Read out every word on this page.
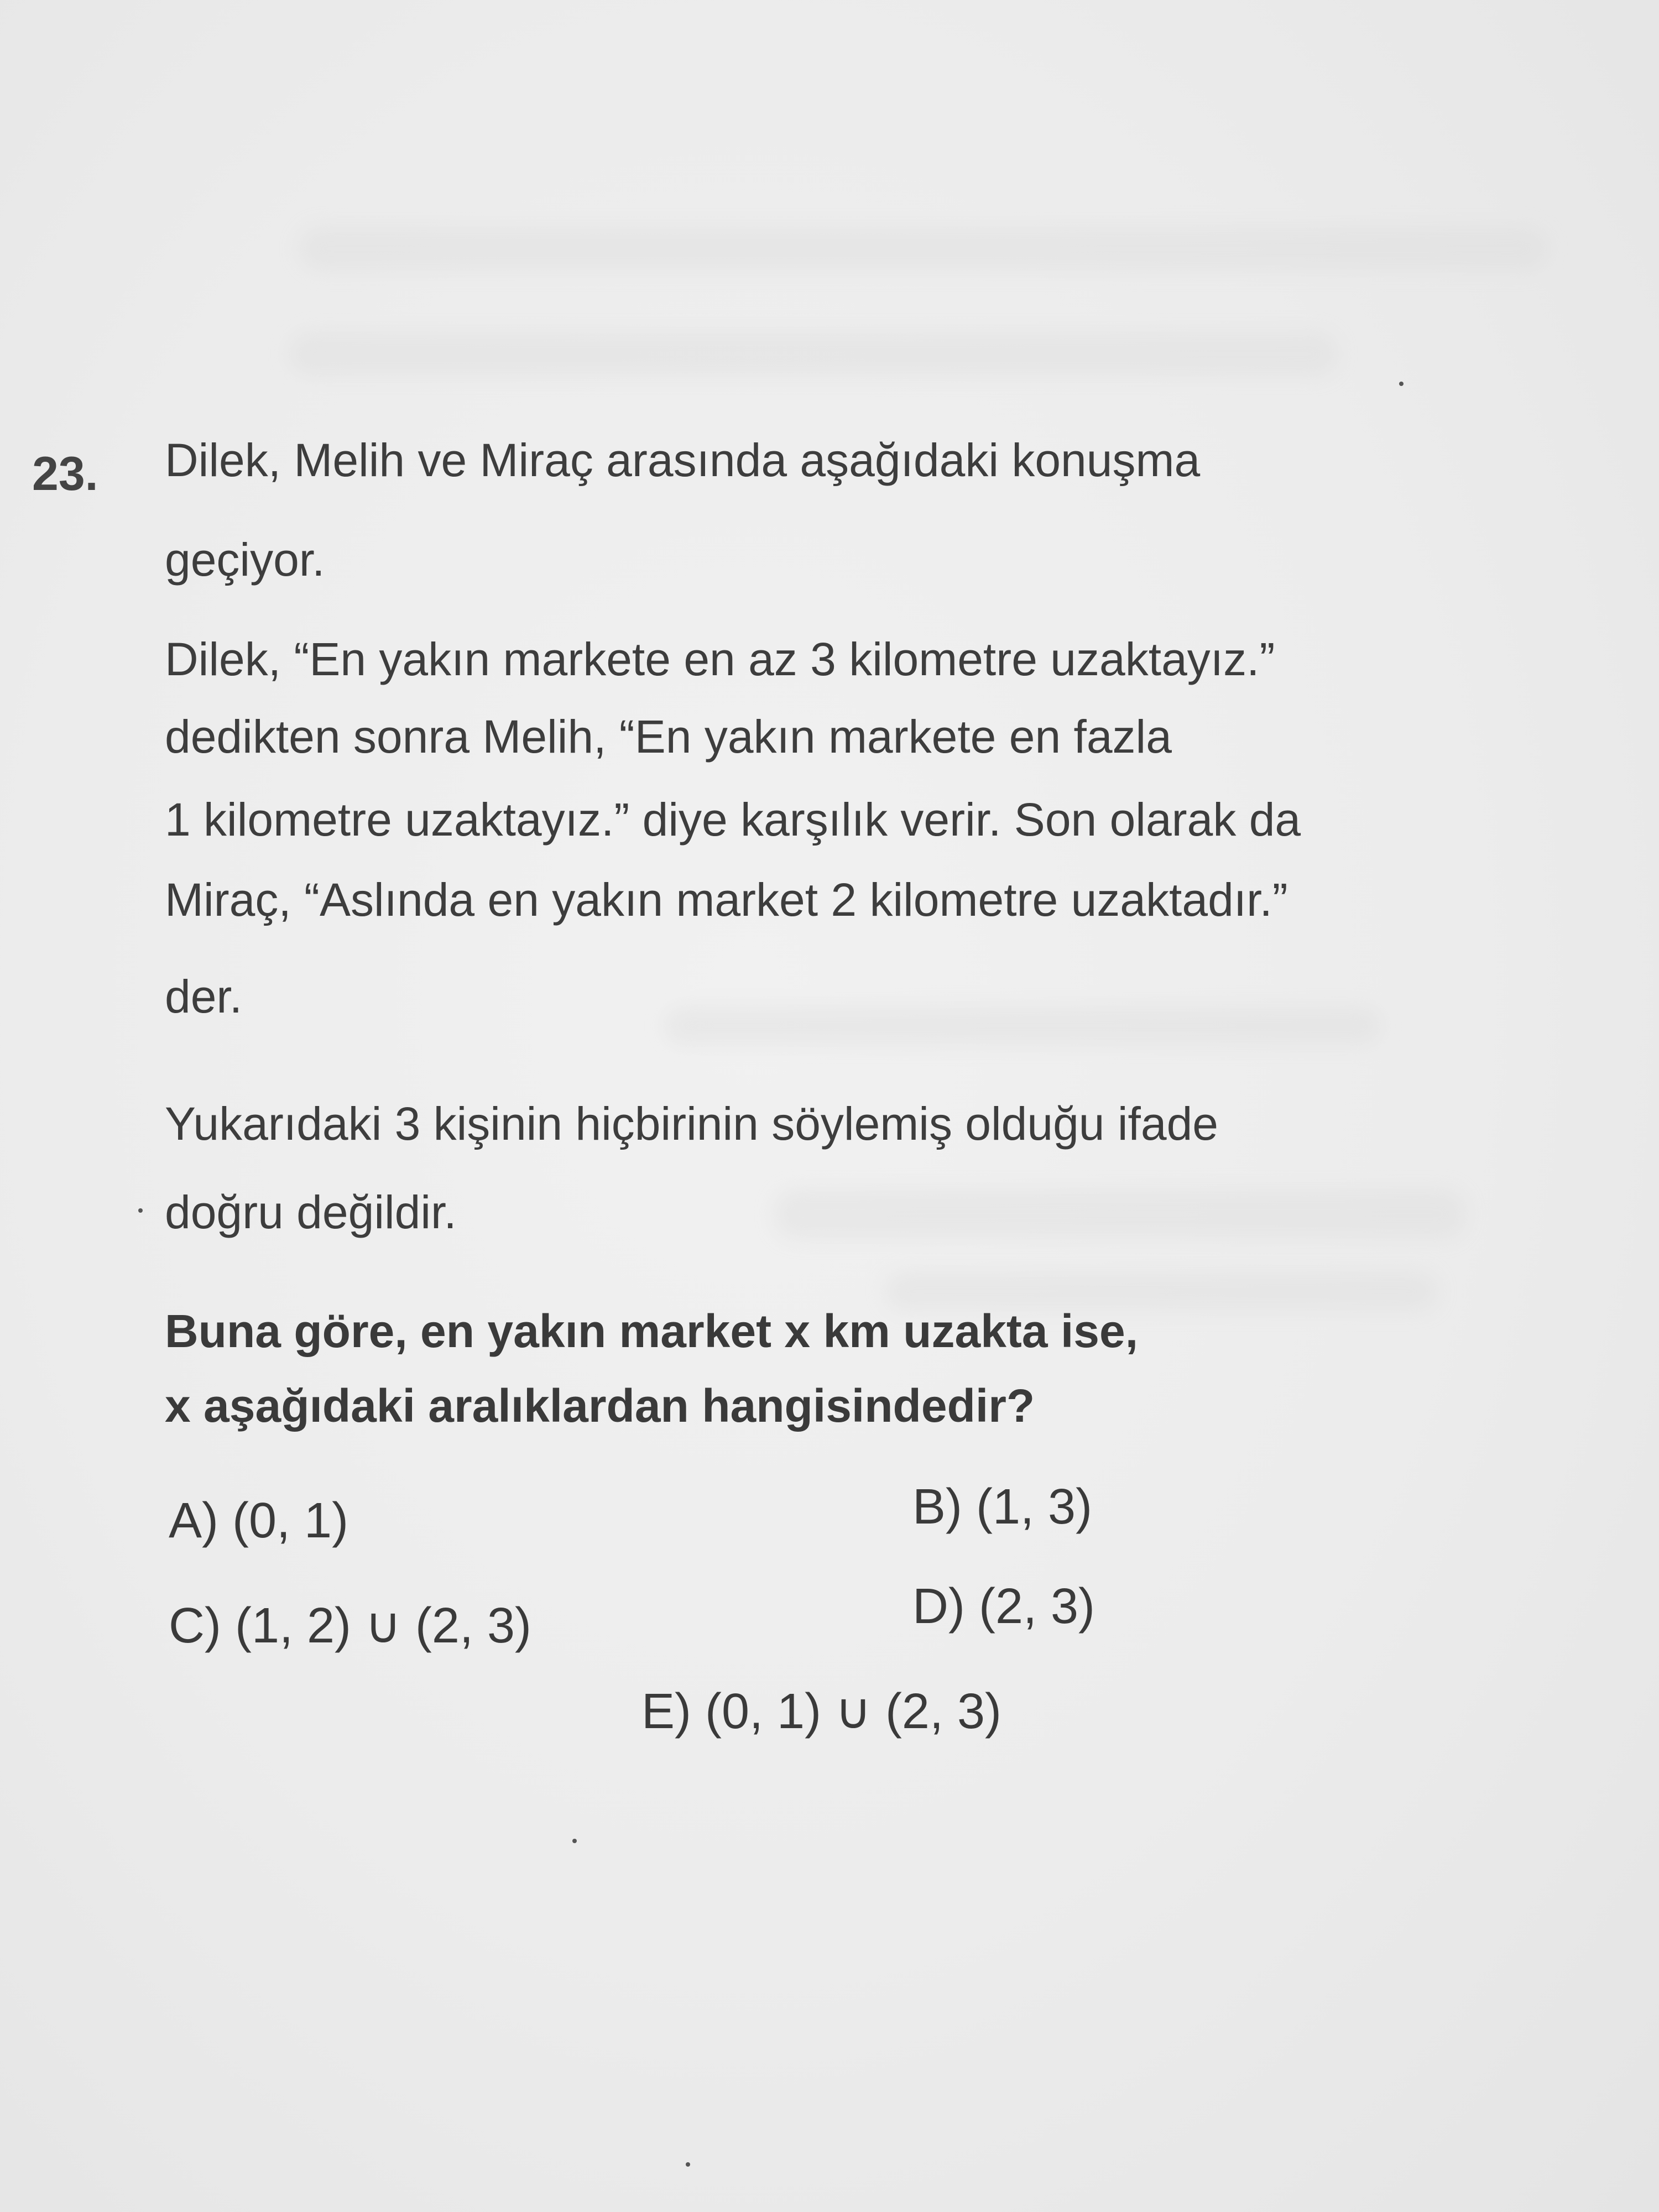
23. Dilek, Melih ve Miraç arasında aşağıdaki konuşma
geçiyor.
Dilek, “En yakın markete en az 3 kilometre uzaktayız.”
dedikten sonra Melih, “En yakın markete en fazla
1 kilometre uzaktayız.” diye karşılık verir. Son olarak da
Miraç, “Aslında en yakın market 2 kilometre uzaktadır.”
der.
Yukarıdaki 3 kişinin hiçbirinin söylemiş olduğu ifade
doğru değildir.
Buna göre, en yakın market x km uzakta ise,
x aşağıdaki aralıklardan hangisindedir?
A) (0, 1)	B) (1, 3)
C) (1, 2) ∪ (2, 3)	D) (2, 3)
E) (0, 1) ∪ (2, 3)
